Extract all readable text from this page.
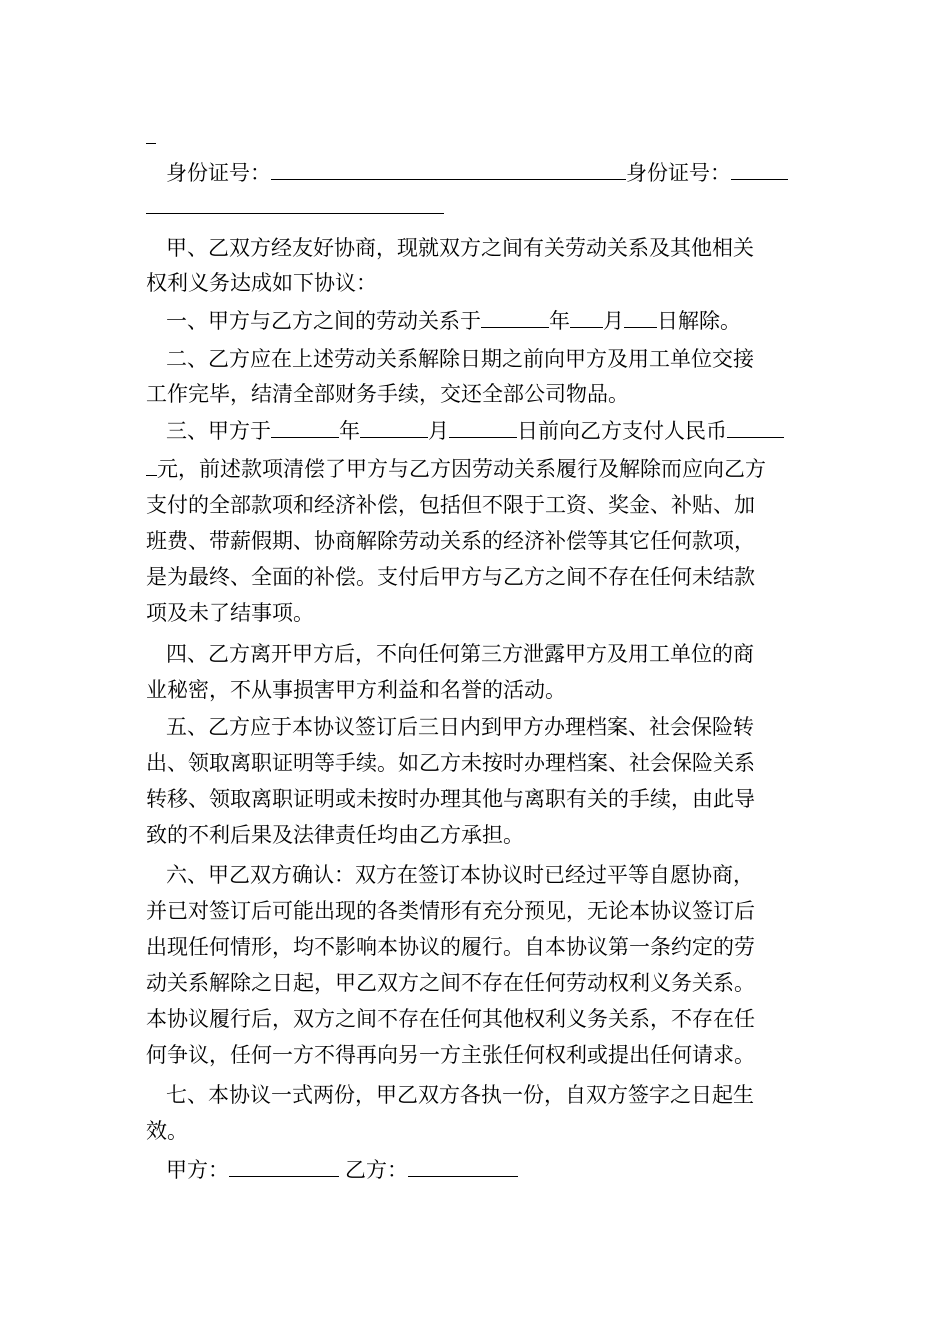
身份证号：	身份证号：
甲、乙双方经友好协商，现就双方之间有关劳动关系及其他相关
权利义务达成如下协议：
一、甲方与乙方之间的劳动关系于	年 月 日解除。
二、乙方应在上述劳动关系解除日期之前向甲方及用工单位交接
工作完毕，结清全部财务手续，交还全部公司物品。
三、甲方于	年	月	日前向乙方支付人民币
元，前述款项清偿了甲方与乙方因劳动关系履行及解除而应向乙方
支付的全部款项和经济补偿，包括但不限于工资、奖金、补贴、加
班费、带薪假期、协商解除劳动关系的经济补偿等其它任何款项，
是为最终、全面的补偿。支付后甲方与乙方之间不存在任何未结款
项及未了结事项。
四、乙方离开甲方后，不向任何第三方泄露甲方及用工单位的商
业秘密，不从事损害甲方利益和名誉的活动。
五、乙方应于本协议签订后三日内到甲方办理档案、社会保险转
出、领取离职证明等手续。如乙方未按时办理档案、社会保险关系
转移、领取离职证明或未按时办理其他与离职有关的手续，由此导
致的不利后果及法律责任均由乙方承担。
六、甲乙双方确认：双方在签订本协议时已经过平等自愿协商，
并已对签订后可能出现的各类情形有充分预见，无论本协议签订后
出现任何情形，均不影响本协议的履行。自本协议第一条约定的劳
动关系解除之日起，甲乙双方之间不存在任何劳动权利义务关系。
本协议履行后，双方之间不存在任何其他权利义务关系，不存在任
何争议，任何一方不得再向另一方主张任何权利或提出任何请求。
七、本协议一式两份，甲乙双方各执一份，自双方签字之日起生
效。
甲方：	乙方：
